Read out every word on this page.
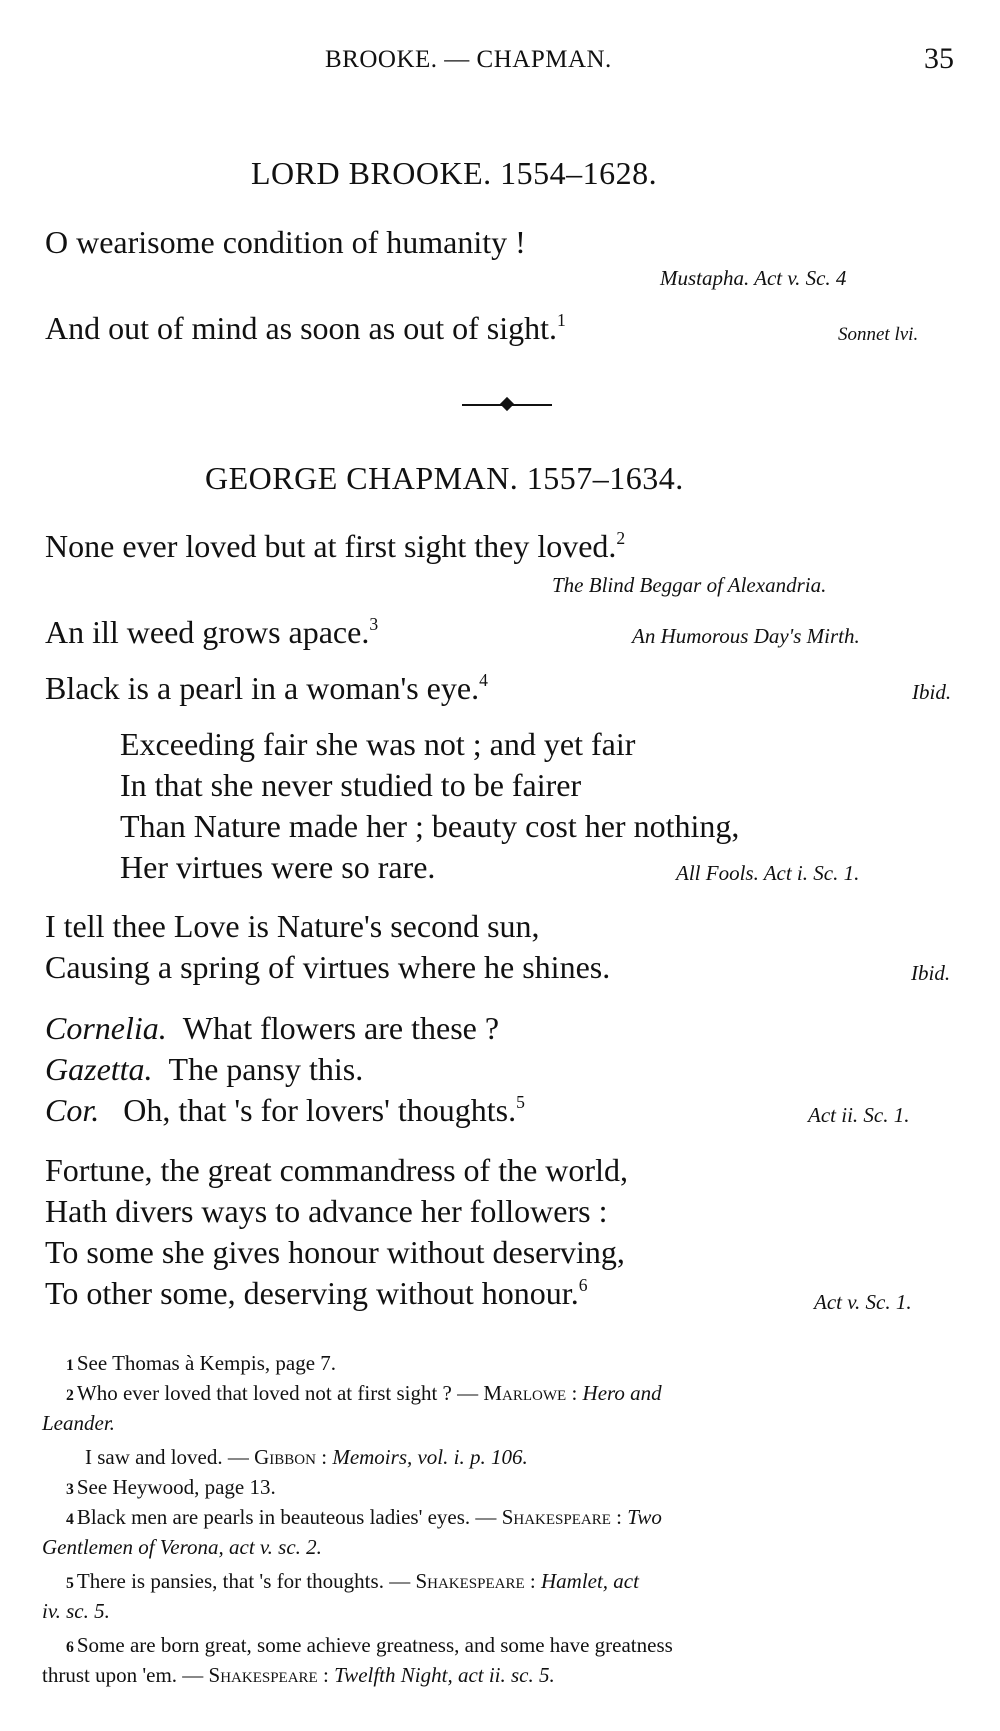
BROOKE. — CHAPMAN.	35
LORD BROOKE. 1554–1628.
O wearisome condition of humanity !
Mustapha. Act v. Sc. 4
And out of mind as soon as out of sight.$^1$
Sonnet lvi.
GEORGE CHAPMAN. 1557–1634.
None ever loved but at first sight they loved.$^2$
The Blind Beggar of Alexandria.
An ill weed grows apace.$^3$
An Humorous Day's Mirth.
Black is a pearl in a woman's eye.$^4$
Ibid.
Exceeding fair she was not ; and yet fair
In that she never studied to be fairer
Than Nature made her ; beauty cost her nothing,
Her virtues were so rare.	All Fools. Act i. Sc. 1.
I tell thee Love is Nature's second sun,
Causing a spring of virtues where he shines.	Ibid.
Cornelia. What flowers are these ?
Gazetta. The pansy this.
Cor. Oh, that 's for lovers' thoughts.$^5$
Act ii. Sc. 1.
Fortune, the great commandress of the world,
Hath divers ways to advance her followers :
To some she gives honour without deserving,
To other some, deserving without honour.$^6$
Act v. Sc. 1.
1 See Thomas à Kempis, page 7.
2 Who ever loved that loved not at first sight ? — Marlowe : Hero and
Leander.
I saw and loved. — Gibbon : Memoirs, vol. i. p. 106.
3 See Heywood, page 13.
4 Black men are pearls in beauteous ladies' eyes. — Shakespeare : Two
Gentlemen of Verona, act v. sc. 2.
5 There is pansies, that 's for thoughts. — Shakespeare : Hamlet, act
iv. sc. 5.
6 Some are born great, some achieve greatness, and some have greatness
thrust upon 'em. — Shakespeare : Twelfth Night, act ii. sc. 5.
